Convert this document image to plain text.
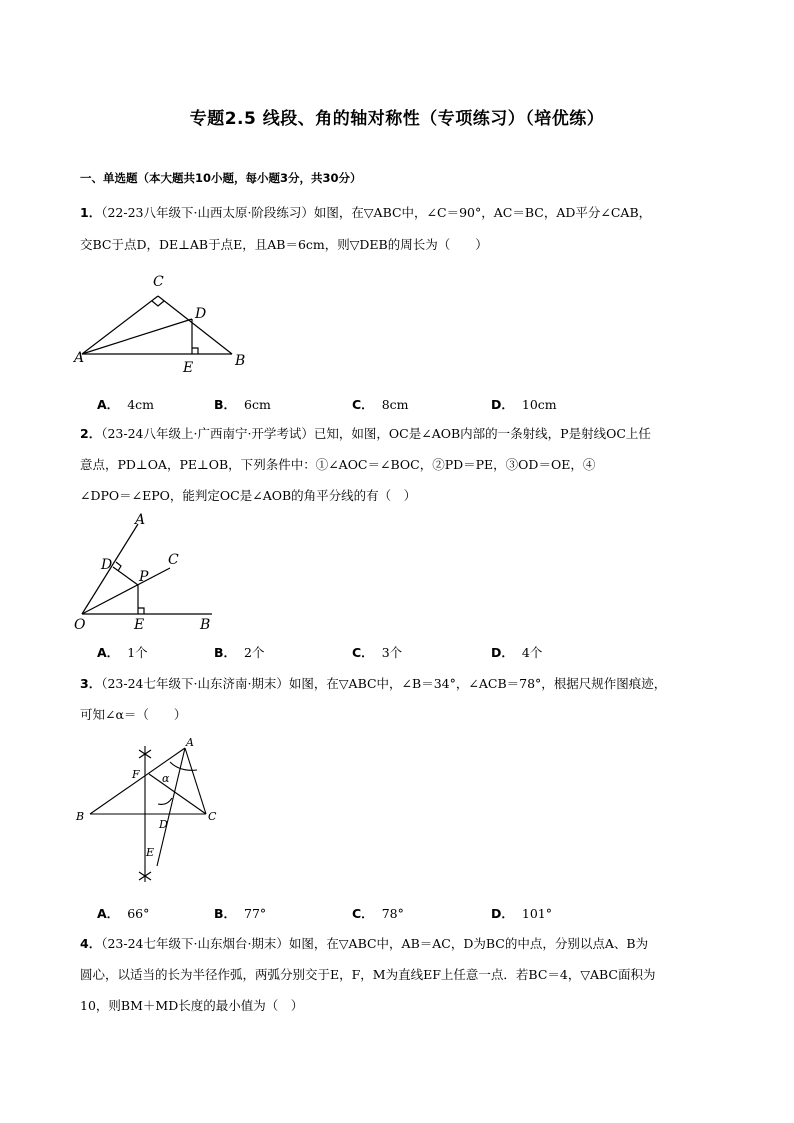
专题2.5 线段、角的轴对称性（专项练习）（培优练）
一、单选题（本大题共10小题，每小题3分，共30分）
1．（22-23八年级下·山西太原·阶段练习）如图，在▽ABC中，∠C＝90°，AC＝BC，AD平分∠CAB，
交BC于点D，DE⊥AB于点E，且AB＝6cm，则▽DEB的周长为（　　）
C
D
A
E	B
A． 4cm	B． 6cm	C． 8cm	D． 10cm
2．（23-24八年级上·广西南宁·开学考试）已知，如图，OC是∠AOB内部的一条射线，P是射线OC上任
意点，PD⊥OA，PE⊥OB，下列条件中：①∠AOC＝∠BOC，②PD＝PE，③OD＝OE，④
∠DPO＝∠EPO，能判定OC是∠AOB的角平分线的有（　）
A
C
D
P
O	E	B
A． 1个	B． 2个	C． 3个	D． 4个
3．（23-24七年级下·山东济南·期末）如图，在▽ABC中，∠B＝34°，∠ACB＝78°，根据尺规作图痕迹，
可知∠α＝（　　）
A
F α
B	C
D
E
A． 66°	B． 77°	C． 78°	D． 101°
4．（23-24七年级下·山东烟台·期末）如图，在▽ABC中，AB＝AC，D为BC的中点，分别以点A、B为
圆心，以适当的长为半径作弧，两弧分别交于E，F，M为直线EF上任意一点．若BC＝4，▽ABC面积为
10，则BM＋MD长度的最小值为（　）
